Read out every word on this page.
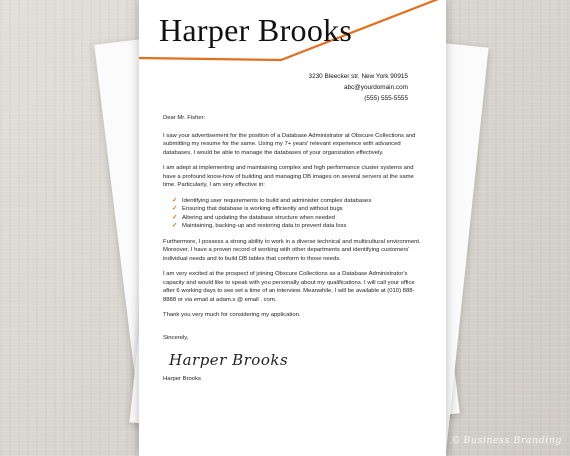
Harper Brooks
3230 Bleecker str. New York 90915
abc@yourdomain.com
(555) 555-5555

Dear Mr. Fisher:

I saw your advertisement for the position of a Database Administrator at Obscure Collections and submitting my resume for the same. Using my 7+ years' relevant experience with advanced databases, I would be able to manage the databases of your organization effectively.

I am adept at implementing and maintaining complex and high performance cluster systems and have a profound know-how of building and managing DB images on several servers at the same time. Particularly, I am very effective in:

✓ Identifying user requirements to build and administer complex databases
✓ Ensuring that database is working efficiently and without bugs
✓ Altering and updating the database structure when needed
✓ Maintaining, backing-up and restoring data to prevent data loss

Furthermore, I possess a strong ability to work in a diverse technical and multicultural environment. Moreover, I have a proven record of working with other departments and identifying customers' individual needs and to build DB tables that conform to those needs.

I am very excited at the prospect of joining Obscure Collections as a Database Administrator's capacity and would like to speak with you personally about my qualifications. I will call your office after 6 working days to see set a time of an interview. Meanwhile, I will be available at (010) 888-8888 or via email at adam.s @ email . com.

Thank you very much for considering my application.

Sincerely,

Harper Brooks

Harper Brooks

© Business Branding
